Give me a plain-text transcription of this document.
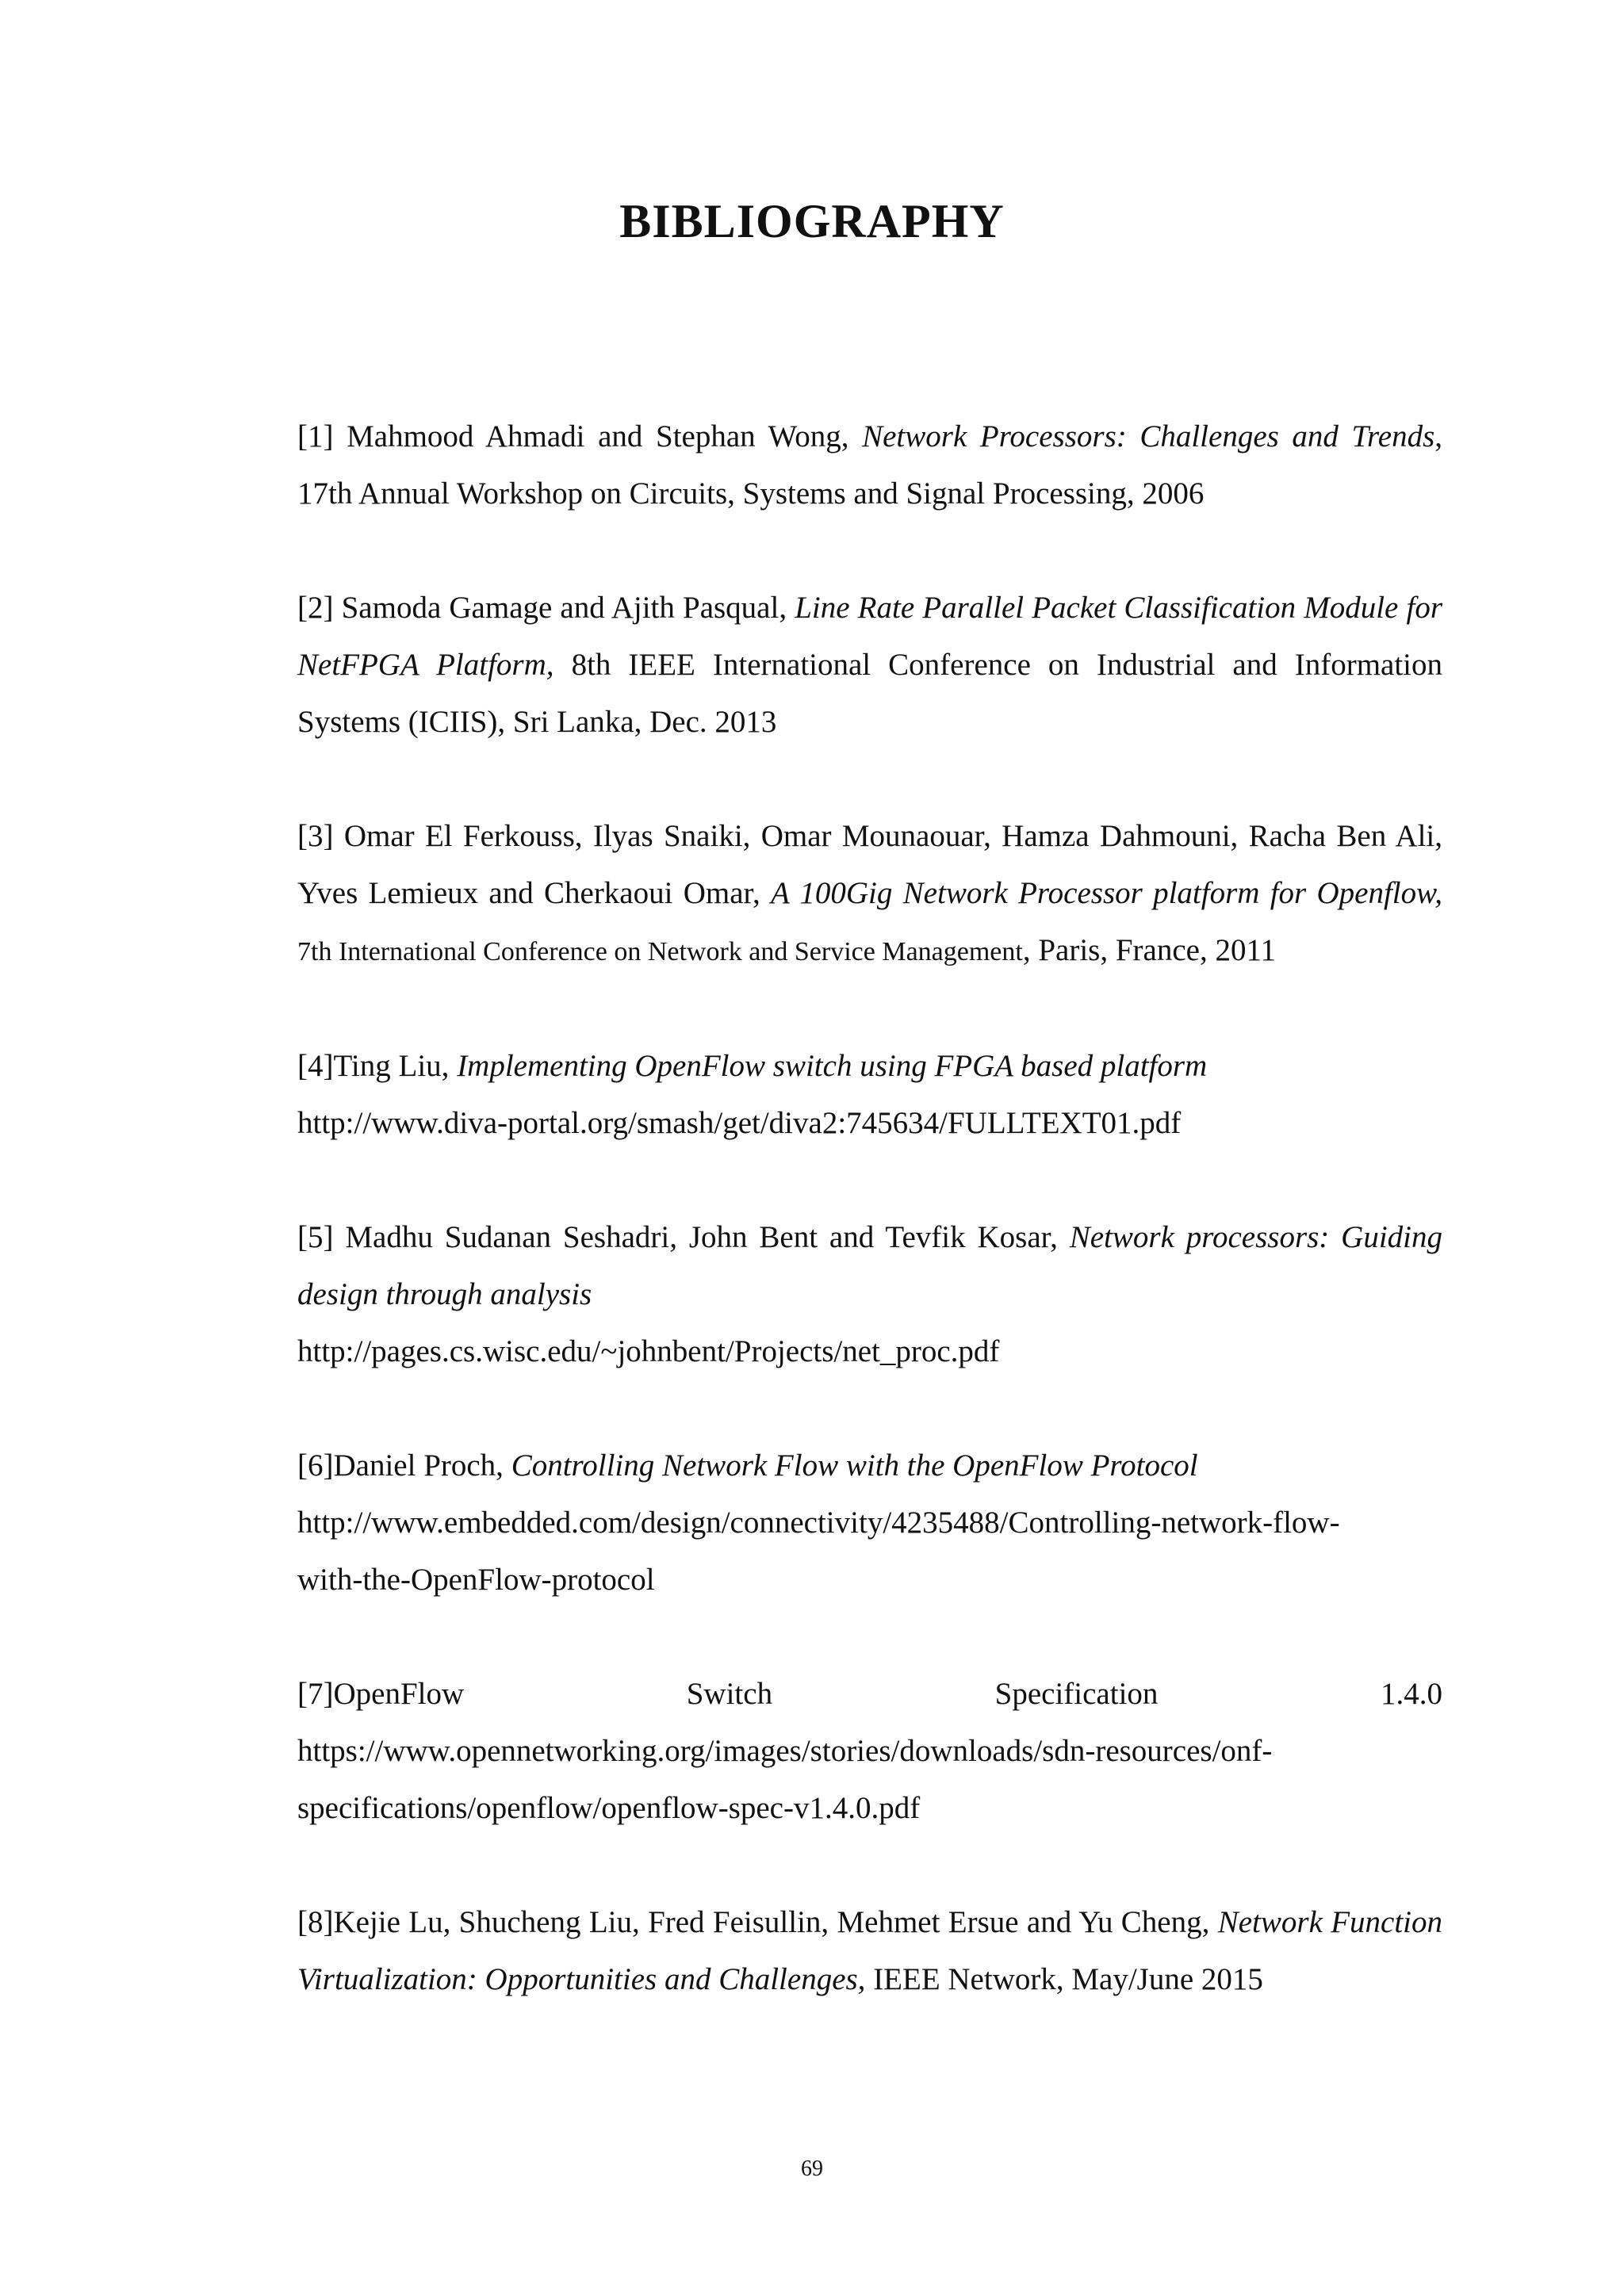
BIBLIOGRAPHY

[1] Mahmood Ahmadi and Stephan Wong, Network Processors: Challenges and Trends, 17th Annual Workshop on Circuits, Systems and Signal Processing, 2006

[2] Samoda Gamage and Ajith Pasqual, Line Rate Parallel Packet Classification Module for NetFPGA Platform, 8th IEEE International Conference on Industrial and Information Systems (ICIIS), Sri Lanka, Dec. 2013

[3] Omar El Ferkouss, Ilyas Snaiki, Omar Mounaouar, Hamza Dahmouni, Racha Ben Ali, Yves Lemieux and Cherkaoui Omar, A 100Gig Network Processor platform for Openflow, 7th International Conference on Network and Service Management, Paris, France, 2011

[4]Ting Liu, Implementing OpenFlow switch using FPGA based platform
http://www.diva-portal.org/smash/get/diva2:745634/FULLTEXT01.pdf

[5] Madhu Sudanan Seshadri, John Bent and Tevfik Kosar, Network processors: Guiding design through analysis
http://pages.cs.wisc.edu/~johnbent/Projects/net_proc.pdf

[6]Daniel Proch, Controlling Network Flow with the OpenFlow Protocol
http://www.embedded.com/design/connectivity/4235488/Controlling-network-flow-
with-the-OpenFlow-protocol

[7]OpenFlow	Switch	Specification	1.4.0
https://www.opennetworking.org/images/stories/downloads/sdn-resources/onf-
specifications/openflow/openflow-spec-v1.4.0.pdf

[8]Kejie Lu, Shucheng Liu, Fred Feisullin, Mehmet Ersue and Yu Cheng, Network Function Virtualization: Opportunities and Challenges, IEEE Network, May/June 2015

69
